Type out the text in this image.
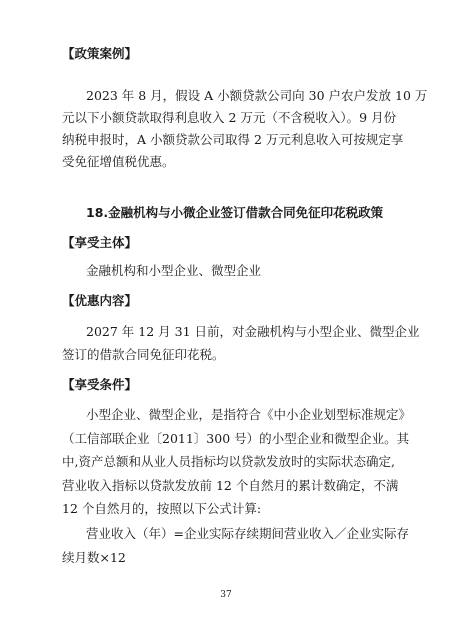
【政策案例】
2023 年 8 月，假设 A 小额贷款公司向 30 户农户发放 10 万
元以下小额贷款取得利息收入 2 万元（不含税收入）。9 月份
纳税申报时，A 小额贷款公司取得 2 万元利息收入可按规定享
受免征增值税优惠。
18.金融机构与小微企业签订借款合同免征印花税政策
【享受主体】
金融机构和小型企业、微型企业
【优惠内容】
2027 年 12 月 31 日前，对金融机构与小型企业、微型企业
签订的借款合同免征印花税。
【享受条件】
小型企业、微型企业，是指符合《中小企业划型标准规定》
（工信部联企业〔2011〕300 号）的小型企业和微型企业。其
中,资产总额和从业人员指标均以贷款发放时的实际状态确定,
营业收入指标以贷款发放前 12 个自然月的累计数确定，不满
12 个自然月的，按照以下公式计算:
营业收入（年）=企业实际存续期间营业收入／企业实际存
续月数×12
37
